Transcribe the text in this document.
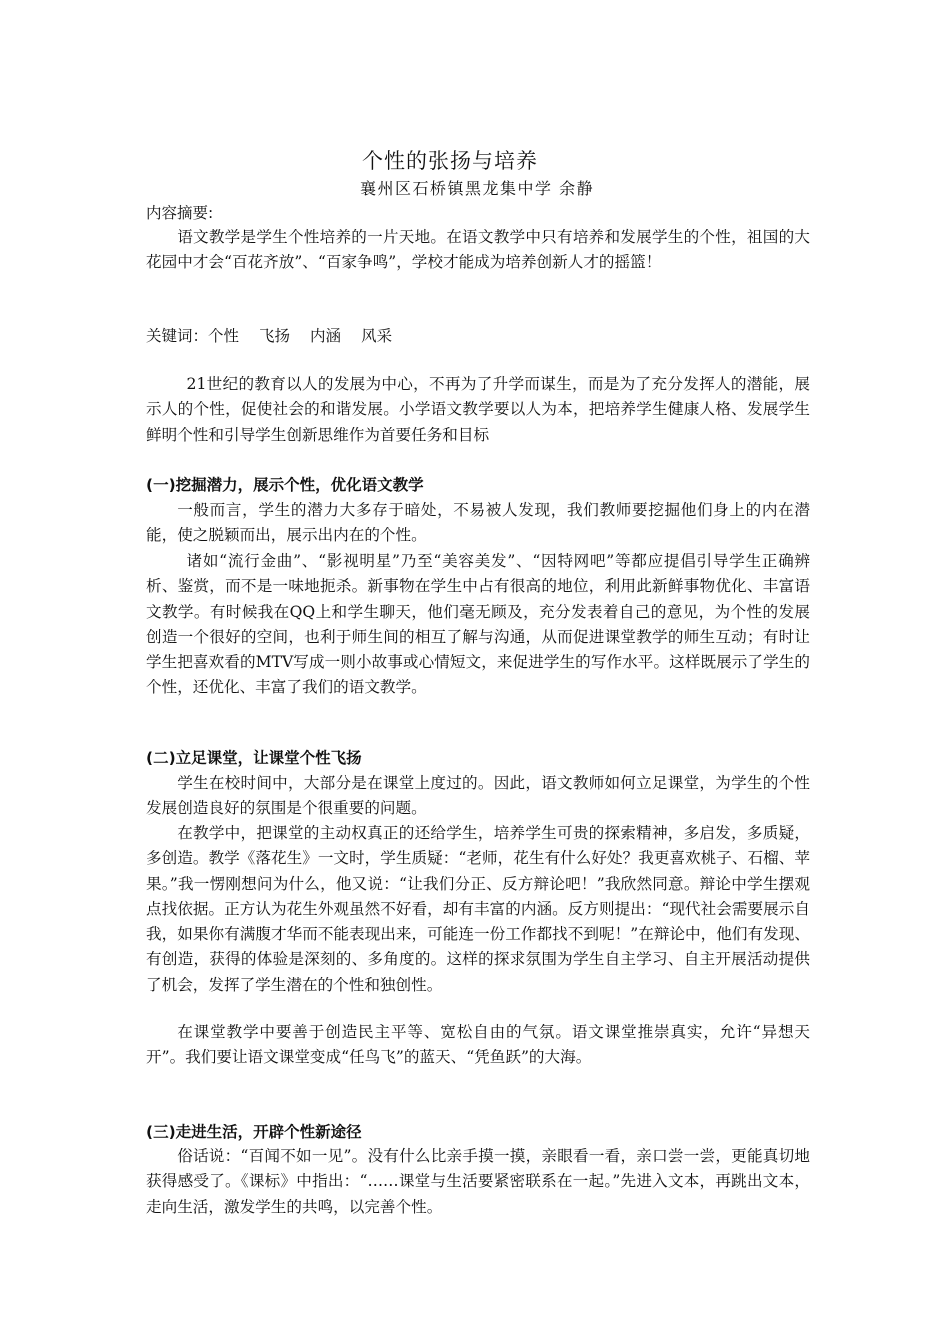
个性的张扬与培养
襄州区石桥镇黑龙集中学 余静
内容摘要:
语文教学是学生个性培养的一片天地。在语文教学中只有培养和发展学生的个性，祖国的大花园中才会“百花齐放”、“百家争鸣”，学校才能成为培养创新人才的摇篮！
关键词：个性 飞扬 内涵 风采
21世纪的教育以人的发展为中心，不再为了升学而谋生，而是为了充分发挥人的潜能，展示人的个性，促使社会的和谐发展。小学语文教学要以人为本，把培养学生健康人格、发展学生鲜明个性和引导学生创新思维作为首要任务和目标
(一)挖掘潜力，展示个性，优化语文教学
一般而言，学生的潜力大多存于暗处，不易被人发现，我们教师要挖掘他们身上的内在潜能，使之脱颖而出，展示出内在的个性。
诸如“流行金曲”、“影视明星”乃至“美容美发”、“因特网吧”等都应提倡引导学生正确辨析、鉴赏，而不是一味地扼杀。新事物在学生中占有很高的地位，利用此新鲜事物优化、丰富语文教学。有时候我在QQ上和学生聊天，他们毫无顾及，充分发表着自己的意见，为个性的发展创造一个很好的空间，也利于师生间的相互了解与沟通，从而促进课堂教学的师生互动；有时让学生把喜欢看的MTV写成一则小故事或心情短文，来促进学生的写作水平。这样既展示了学生的个性，还优化、丰富了我们的语文教学。
(二)立足课堂，让课堂个性飞扬
学生在校时间中，大部分是在课堂上度过的。因此，语文教师如何立足课堂，为学生的个性发展创造良好的氛围是个很重要的问题。
在教学中，把课堂的主动权真正的还给学生，培养学生可贵的探索精神，多启发，多质疑，多创造。教学《落花生》一文时，学生质疑：“老师，花生有什么好处？我更喜欢桃子、石榴、苹果。”我一愣刚想问为什么，他又说：“让我们分正、反方辩论吧！”我欣然同意。辩论中学生摆观点找依据。正方认为花生外观虽然不好看，却有丰富的内涵。反方则提出：“现代社会需要展示自我，如果你有满腹才华而不能表现出来，可能连一份工作都找不到呢！”在辩论中，他们有发现、有创造，获得的体验是深刻的、多角度的。这样的探求氛围为学生自主学习、自主开展活动提供了机会，发挥了学生潜在的个性和独创性。
在课堂教学中要善于创造民主平等、宽松自由的气氛。语文课堂推崇真实，允许“异想天开”。我们要让语文课堂变成“任鸟飞”的蓝天、“凭鱼跃”的大海。
(三)走进生活，开辟个性新途径
俗话说：“百闻不如一见”。没有什么比亲手摸一摸，亲眼看一看，亲口尝一尝，更能真切地获得感受了。《课标》中指出：“……课堂与生活要紧密联系在一起。”先进入文本，再跳出文本，走向生活，激发学生的共鸣，以完善个性。
